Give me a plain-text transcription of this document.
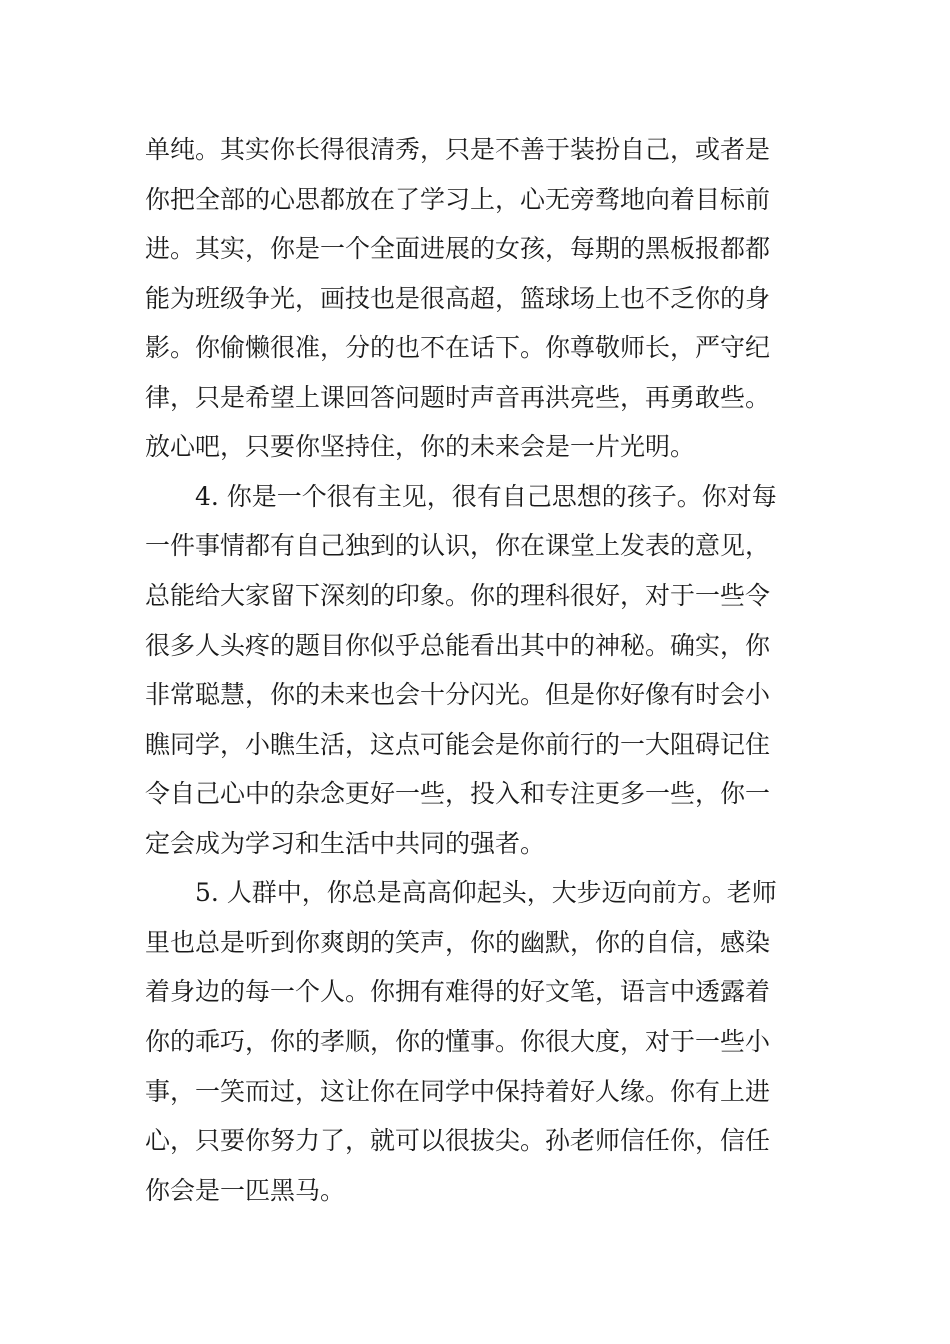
单纯。其实你长得很清秀，只是不善于装扮自己，或者是
你把全部的心思都放在了学习上，心无旁骛地向着目标前
进。其实，你是一个全面进展的女孩，每期的黑板报都都
能为班级争光，画技也是很高超，篮球场上也不乏你的身
影。你偷懒很准，分的也不在话下。你尊敬师长，严守纪
律，只是希望上课回答问题时声音再洪亮些，再勇敢些。
放心吧，只要你坚持住，你的未来会是一片光明。
4. 你是一个很有主见，很有自己思想的孩子。你对每
一件事情都有自己独到的认识，你在课堂上发表的意见，
总能给大家留下深刻的印象。你的理科很好，对于一些令
很多人头疼的题目你似乎总能看出其中的神秘。确实，你
非常聪慧，你的未来也会十分闪光。但是你好像有时会小
瞧同学，小瞧生活，这点可能会是你前行的一大阻碍记住
令自己心中的杂念更好一些，投入和专注更多一些，你一
定会成为学习和生活中共同的强者。
5. 人群中，你总是高高仰起头，大步迈向前方。老师
里也总是听到你爽朗的笑声，你的幽默，你的自信，感染
着身边的每一个人。你拥有难得的好文笔，语言中透露着
你的乖巧，你的孝顺，你的懂事。你很大度，对于一些小
事，一笑而过，这让你在同学中保持着好人缘。你有上进
心，只要你努力了，就可以很拔尖。孙老师信任你，信任
你会是一匹黑马。
